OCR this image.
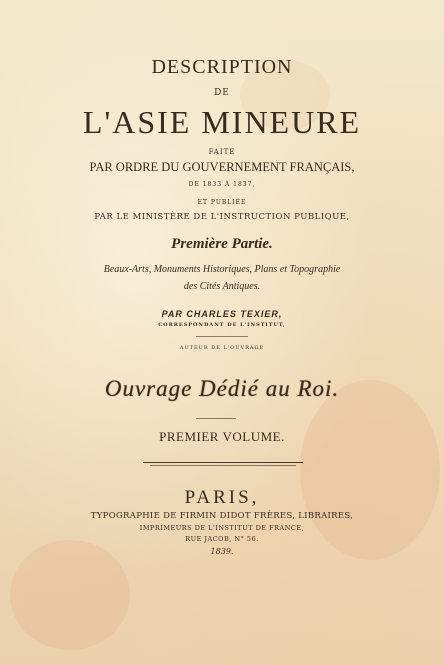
DESCRIPTION
DE
L'ASIE MINEURE
FAITE
PAR ORDRE DU GOUVERNEMENT FRANÇAIS,
DE 1833 À 1837,
ET PUBLIÉE
PAR LE MINISTÈRE DE L'INSTRUCTION PUBLIQUE,
Première Partie.
Beaux-Arts, Monuments Historiques, Plans et Topographie
des Cités Antiques.
PAR CHARLES TEXIER,
CORRESPONDANT DE L'INSTITUT,
AUTEUR DE L'OUVRAGE
Ouvrage Dédié au Roi.
PREMIER VOLUME.
PARIS,
TYPOGRAPHIE DE FIRMIN DIDOT FRÈRES, LIBRAIRES,
IMPRIMEURS DE L'INSTITUT DE FRANCE,
RUE JACOB, N° 56.
1839.
